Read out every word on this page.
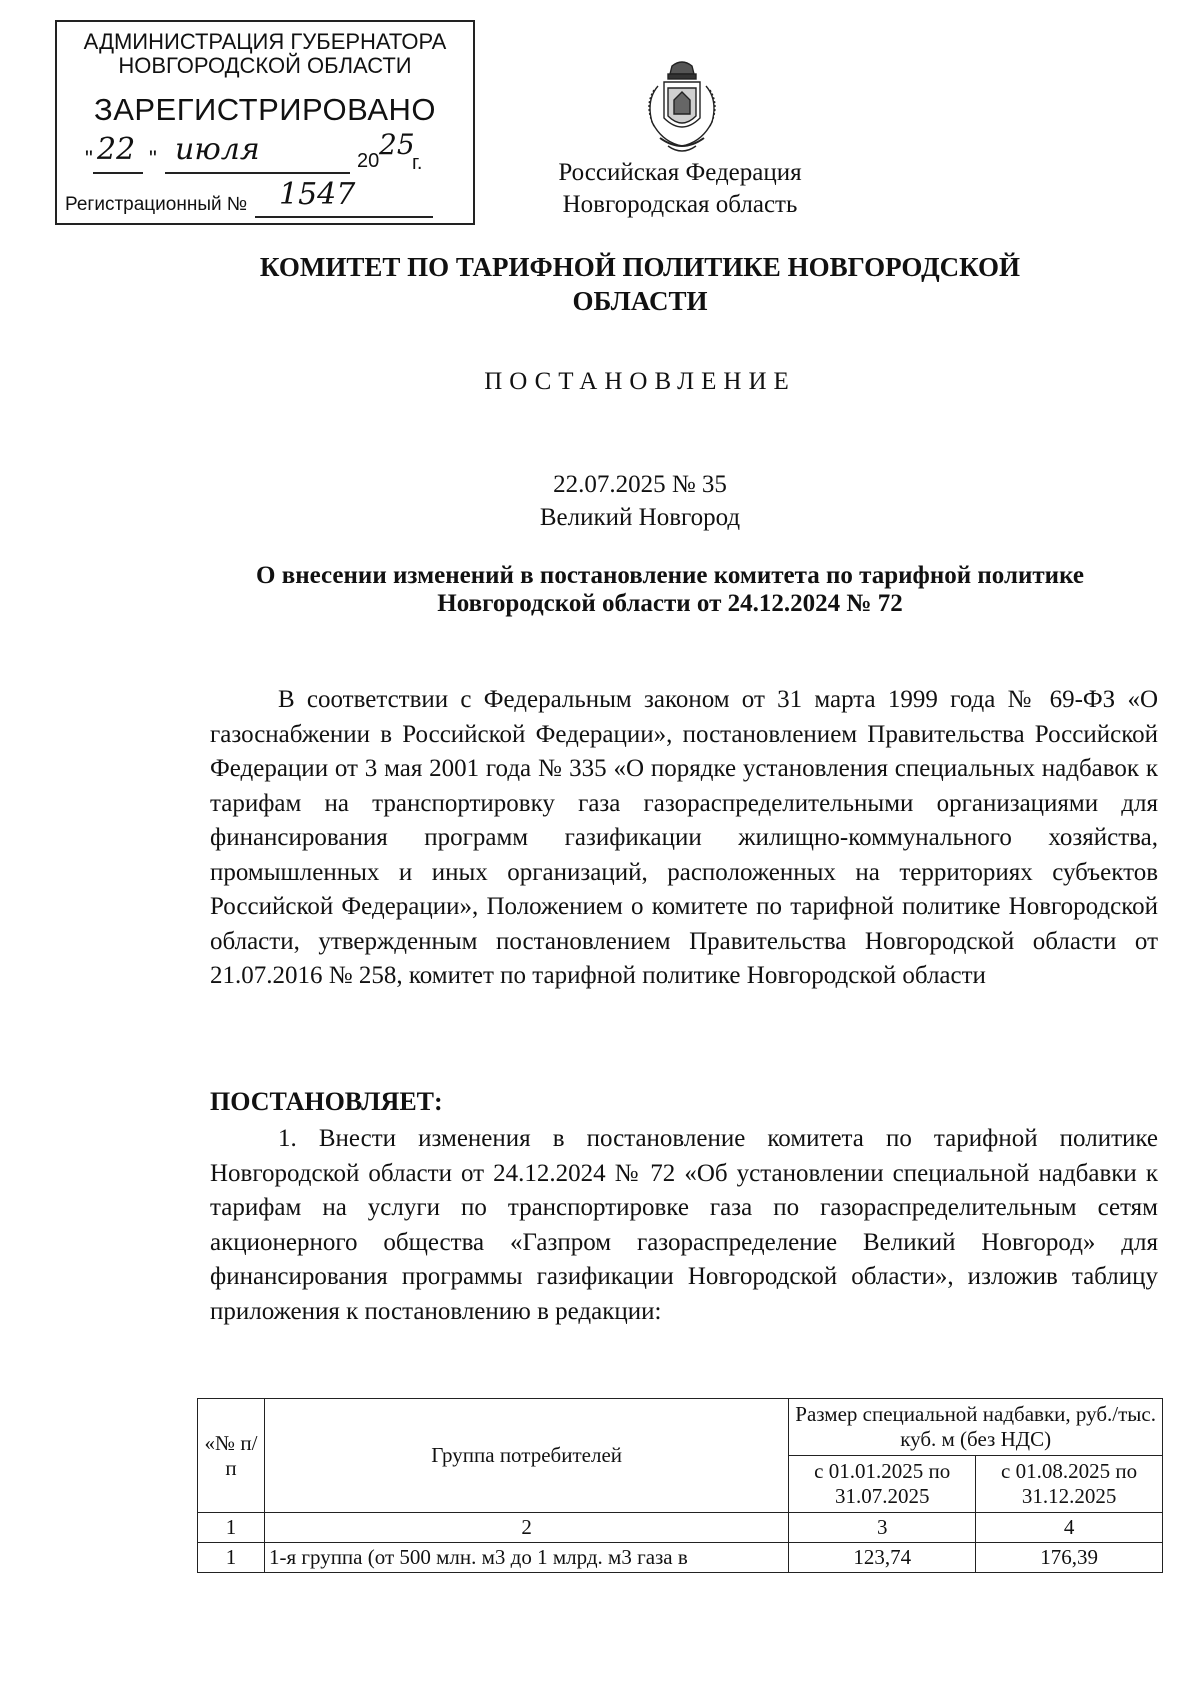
АДМИНИСТРАЦИЯ ГУБЕРНАТОРА
НОВГОРОДСКОЙ ОБЛАСТИ
ЗАРЕГИСТРИРОВАНО
" 22 " июля	20 25
г.
Регистрационный № 1547
Российская Федерация
Новгородская область
КОМИТЕТ ПО ТАРИФНОЙ ПОЛИТИКЕ НОВГОРОДСКОЙ ОБЛАСТИ
ПОСТАНОВЛЕНИЕ
22.07.2025 № 35
Великий Новгород
О внесении изменений в постановление комитета по тарифной политике Новгородской области от 24.12.2024 № 72
В соответствии с Федеральным законом от 31 марта 1999 года № 69-ФЗ «О газоснабжении в Российской Федерации», постановлением Правительства Российской Федерации от 3 мая 2001 года № 335 «О порядке установления специальных надбавок к тарифам на транспортировку газа газораспределительными организациями для финансирования программ газификации жилищно-коммунального хозяйства, промышленных и иных организаций, расположенных на территориях субъектов Российской Федерации», Положением о комитете по тарифной политике Новгородской области, утвержденным постановлением Правительства Новгородской области от 21.07.2016 № 258, комитет по тарифной политике Новгородской области
ПОСТАНОВЛЯЕТ:
1. Внести изменения в постановление комитета по тарифной политике Новгородской области от 24.12.2024 № 72 «Об установлении специальной надбавки к тарифам на услуги по транспортировке газа по газораспределительным сетям акционерного общества «Газпром газораспределение Великий Новгород» для финансирования программы газификации Новгородской области», изложив таблицу приложения к постановлению в редакции:
«№ п/п	Группа потребителей	Размер специальной надбавки, руб./тыс. куб. м (без НДС)	
		с 01.01.2025 по 31.07.2025	с 01.08.2025 по 31.12.2025
1	2	3	4
1	1-я группа (от 500 млн. м3 до 1 млрд. м3 газа в	123,74	176,39
